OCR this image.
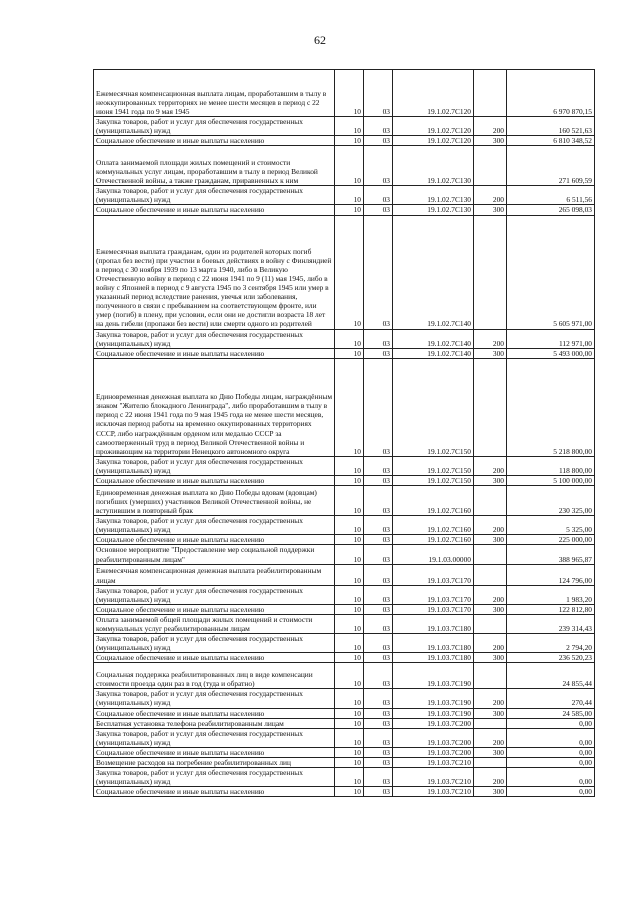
62
Ежемесячная компенсационная выплата лицам, проработавшим в тылу в неоккупированных территориях не менее шести месяцев в период с 22 июня 1941 года по 9 мая 1945	10	03	19.1.02.7С120		6 970 870,15
Закупка товаров, работ и услуг для обеспечения государственных (муниципальных) нужд	10	03	19.1.02.7С120	200	160 521,63
Социальное обеспечение и иные выплаты населению	10	03	19.1.02.7С120	300	6 810 348,52
Оплата занимаемой площади жилых помещений и стоимости коммунальных услуг лицам, проработавшим в тылу в период Великой Отечественной войны, а также гражданам, приравненных к ним	10	03	19.1.02.7С130		271 609,59
Закупка товаров, работ и услуг для обеспечения государственных (муниципальных) нужд	10	03	19.1.02.7С130	200	6 511,56
Социальное обеспечение и иные выплаты населению	10	03	19.1.02.7С130	300	265 098,03
Ежемесячная выплата гражданам, один из родителей которых погиб (пропал без вести) при участии в боевых действиях в войну с Финляндией в период с 30 ноября 1939 по 13 марта 1940, либо в Великую Отечественную войну в период с 22 июня 1941 по 9 (11) мая 1945, либо в войну с Японией в период с 9 августа 1945 по 3 сентября 1945 или умер в указанный период вследствие ранения, увечья или заболевания, полученного в связи с пребыванием на соответствующем фронте, или умер (погиб) в плену, при условии, если они не достигли возраста 18 лет на день гибели (пропажи без вести) или смерти одного из родителей	10	03	19.1.02.7С140		5 605 971,00
Закупка товаров, работ и услуг для обеспечения государственных (муниципальных) нужд	10	03	19.1.02.7С140	200	112 971,00
Социальное обеспечение и иные выплаты населению	10	03	19.1.02.7С140	300	5 493 000,00
Единовременная денежная выплата ко Дню Победы лицам, награждённым знаком "Жителю блокадного Ленинграда", либо проработавшим в тылу в период с 22 июня 1941 года по 9 мая 1945 года не менее шести месяцев, исключая период работы на временно оккупированных территориях СССР, либо награждённым орденом или медалью СССР за самоотверженный труд в период Великой Отечественной войны и проживающим на территории Ненецкого автономного округа	10	03	19.1.02.7С150		5 218 800,00
Закупка товаров, работ и услуг для обеспечения государственных (муниципальных) нужд	10	03	19.1.02.7С150	200	118 800,00
Социальное обеспечение и иные выплаты населению	10	03	19.1.02.7С150	300	5 100 000,00
Единовременная денежная выплата ко Дню Победы вдовам (вдовцам) погибших (умерших) участников Великой Отечественной войны, не вступившим в повторный брак	10	03	19.1.02.7С160		230 325,00
Закупка товаров, работ и услуг для обеспечения государственных (муниципальных) нужд	10	03	19.1.02.7С160	200	5 325,00
Социальное обеспечение и иные выплаты населению	10	03	19.1.02.7С160	300	225 000,00
Основное мероприятие "Предоставление мер социальной поддержки реабилитированным лицам"	10	03	19.1.03.00000		388 965,87
Ежемесячная компенсационная денежная выплата реабилитированным лицам	10	03	19.1.03.7С170		124 796,00
Закупка товаров, работ и услуг для обеспечения государственных (муниципальных) нужд	10	03	19.1.03.7С170	200	1 983,20
Социальное обеспечение и иные выплаты населению	10	03	19.1.03.7С170	300	122 812,80
Оплата занимаемой общей площади жилых помещений и стоимости коммунальных услуг реабилитированным лицам	10	03	19.1.03.7С180		239 314,43
Закупка товаров, работ и услуг для обеспечения государственных (муниципальных) нужд	10	03	19.1.03.7С180	200	2 794,20
Социальное обеспечение и иные выплаты населению	10	03	19.1.03.7С180	300	236 520,23
Социальная поддержка реабилитированных лиц в виде компенсации стоимости проезда один раз в год (туда и обратно)	10	03	19.1.03.7С190		24 855,44
Закупка товаров, работ и услуг для обеспечения государственных (муниципальных) нужд	10	03	19.1.03.7С190	200	270,44
Социальное обеспечение и иные выплаты населению	10	03	19.1.03.7С190	300	24 585,00
Бесплатная установка телефона реабилитированным лицам	10	03	19.1.03.7С200		0,00
Закупка товаров, работ и услуг для обеспечения государственных (муниципальных) нужд	10	03	19.1.03.7С200	200	0,00
Социальное обеспечение и иные выплаты населению	10	03	19.1.03.7С200	300	0,00
Возмещение расходов на погребение реабилитированных лиц	10	03	19.1.03.7С210		0,00
Закупка товаров, работ и услуг для обеспечения государственных (муниципальных) нужд	10	03	19.1.03.7С210	200	0,00
Социальное обеспечение и иные выплаты населению	10	03	19.1.03.7С210	300	0,00
